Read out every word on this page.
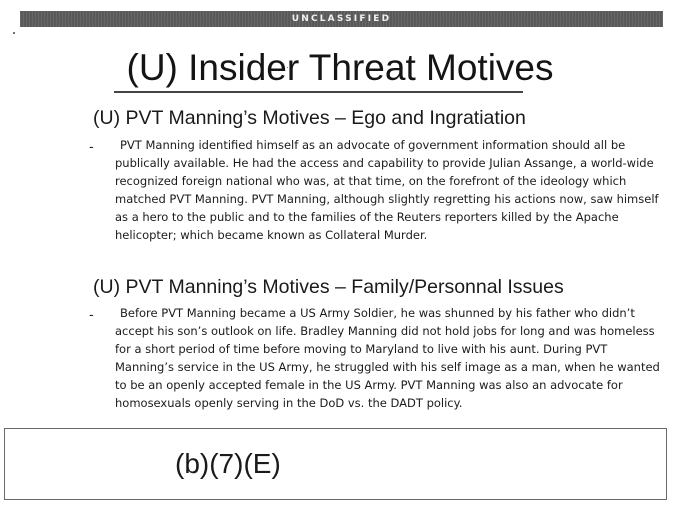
UNCLASSIFIED
(U) Insider Threat Motives
(U) PVT Manning’s Motives – Ego and Ingratiation
-	PVT Manning identified himself as an advocate of government information should all be publically available. He had the access and capability to provide Julian Assange, a world-wide recognized foreign national who was, at that time, on the forefront of the ideology which matched PVT Manning. PVT Manning, although slightly regretting his actions now, saw himself as a hero to the public and to the families of the Reuters reporters killed by the Apache helicopter; which became known as Collateral Murder.
(U) PVT Manning’s Motives – Family/Personnal Issues
-	Before PVT Manning became a US Army Soldier, he was shunned by his father who didn’t accept his son’s outlook on life. Bradley Manning did not hold jobs for long and was homeless for a short period of time before moving to Maryland to live with his aunt. During PVT Manning’s service in the US Army, he struggled with his self image as a man, when he wanted to be an openly accepted female in the US Army. PVT Manning was also an advocate for homosexuals openly serving in the DoD vs. the DADT policy.
(b)(7)(E)
